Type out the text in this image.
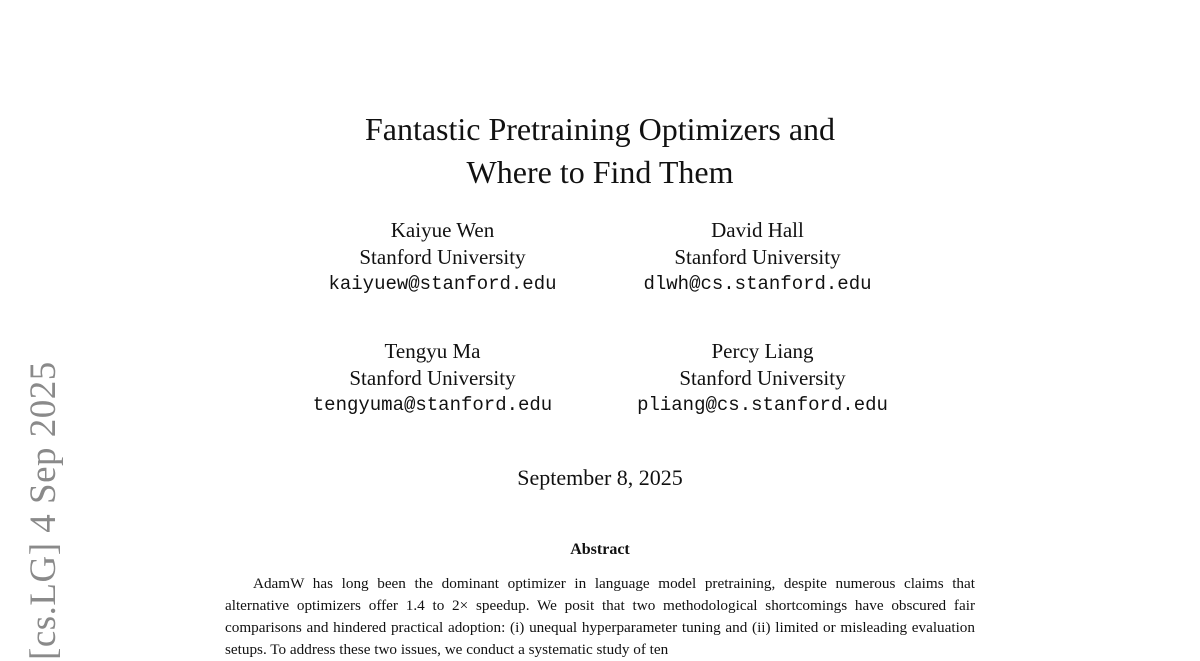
[cs.LG] 4 Sep 2025
Fantastic Pretraining Optimizers and
Where to Find Them
Kaiyue Wen
Stanford University
kaiyuew@stanford.edu
David Hall
Stanford University
dlwh@cs.stanford.edu
Tengyu Ma
Stanford University
tengyuma@stanford.edu
Percy Liang
Stanford University
pliang@cs.stanford.edu
September 8, 2025
Abstract
AdamW has long been the dominant optimizer in language model pretraining, despite numerous claims that alternative optimizers offer 1.4 to 2× speedup. We posit that two methodological shortcomings have obscured fair comparisons and hindered practical adoption: (i) unequal hyperparameter tuning and (ii) limited or misleading evaluation setups. To address these two issues, we conduct a systematic study of ten
